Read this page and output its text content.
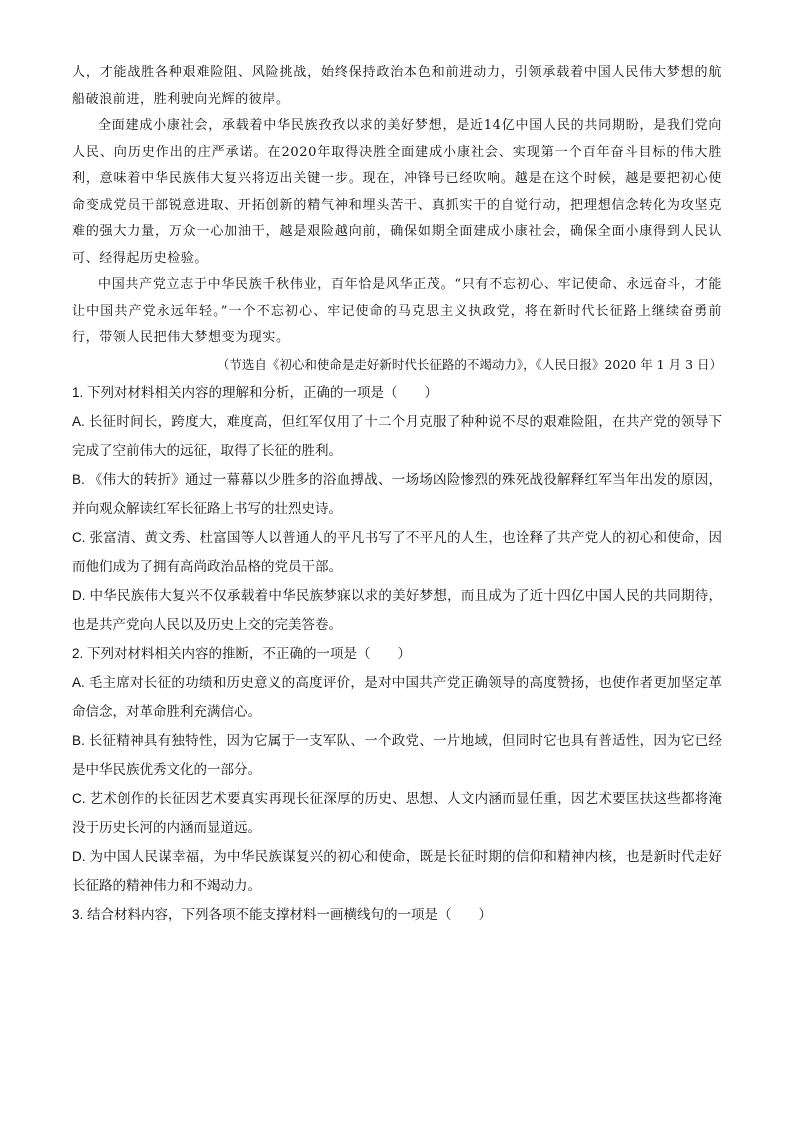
人，才能战胜各种艰难险阻、风险挑战，始终保持政治本色和前进动力，引领承载着中国人民伟大梦想的航船破浪前进，胜利驶向光辉的彼岸。

全面建成小康社会，承载着中华民族孜孜以求的美好梦想，是近14亿中国人民的共同期盼，是我们党向人民、向历史作出的庄严承诺。在2020年取得决胜全面建成小康社会、实现第一个百年奋斗目标的伟大胜利，意味着中华民族伟大复兴将迈出关键一步。现在，冲锋号已经吹响。越是在这个时候，越是要把初心使命变成党员干部锐意进取、开拓创新的精气神和埋头苦干、真抓实干的自觉行动，把理想信念转化为攻坚克难的强大力量，万众一心加油干，越是艰险越向前，确保如期全面建成小康社会，确保全面小康得到人民认可、经得起历史检验。

中国共产党立志于中华民族千秋伟业，百年恰是风华正茂。“只有不忘初心、牢记使命、永远奋斗，才能让中国共产党永远年轻。”一个不忘初心、牢记使命的马克思主义执政党，将在新时代长征路上继续奋勇前行，带领人民把伟大梦想变为现实。

（节选自《初心和使命是走好新时代长征路的不竭动力》，《人民日报》2020 年 1 月 3 日）

1. 下列对材料相关内容的理解和分析，正确的一项是（　　）

A. 长征时间长，跨度大，难度高，但红军仅用了十二个月克服了种种说不尽的艰难险阻，在共产党的领导下完成了空前伟大的远征，取得了长征的胜利。

B. 《伟大的转折》通过一幕幕以少胜多的浴血搏战、一场场凶险惨烈的殊死战役解释红军当年出发的原因，并向观众解读红军长征路上书写的壮烈史诗。

C. 张富清、黄文秀、杜富国等人以普通人的平凡书写了不平凡的人生，也诠释了共产党人的初心和使命，因而他们成为了拥有高尚政治品格的党员干部。

D. 中华民族伟大复兴不仅承载着中华民族梦寐以求的美好梦想，而且成为了近十四亿中国人民的共同期待，也是共产党向人民以及历史上交的完美答卷。

2. 下列对材料相关内容的推断，不正确的一项是（　　）

A. 毛主席对长征的功绩和历史意义的高度评价，是对中国共产党正确领导的高度赞扬，也使作者更加坚定革命信念，对革命胜利充满信心。

B. 长征精神具有独特性，因为它属于一支军队、一个政党、一片地域，但同时它也具有普适性，因为它已经是中华民族优秀文化的一部分。

C. 艺术创作的长征因艺术要真实再现长征深厚的历史、思想、人文内涵而显任重，因艺术要匡扶这些都将淹没于历史长河的内涵而显道远。

D. 为中国人民谋幸福，为中华民族谋复兴的初心和使命，既是长征时期的信仰和精神内核，也是新时代走好长征路的精神伟力和不竭动力。

3. 结合材料内容，下列各项不能支撑材料一画横线句的一项是（　　）
